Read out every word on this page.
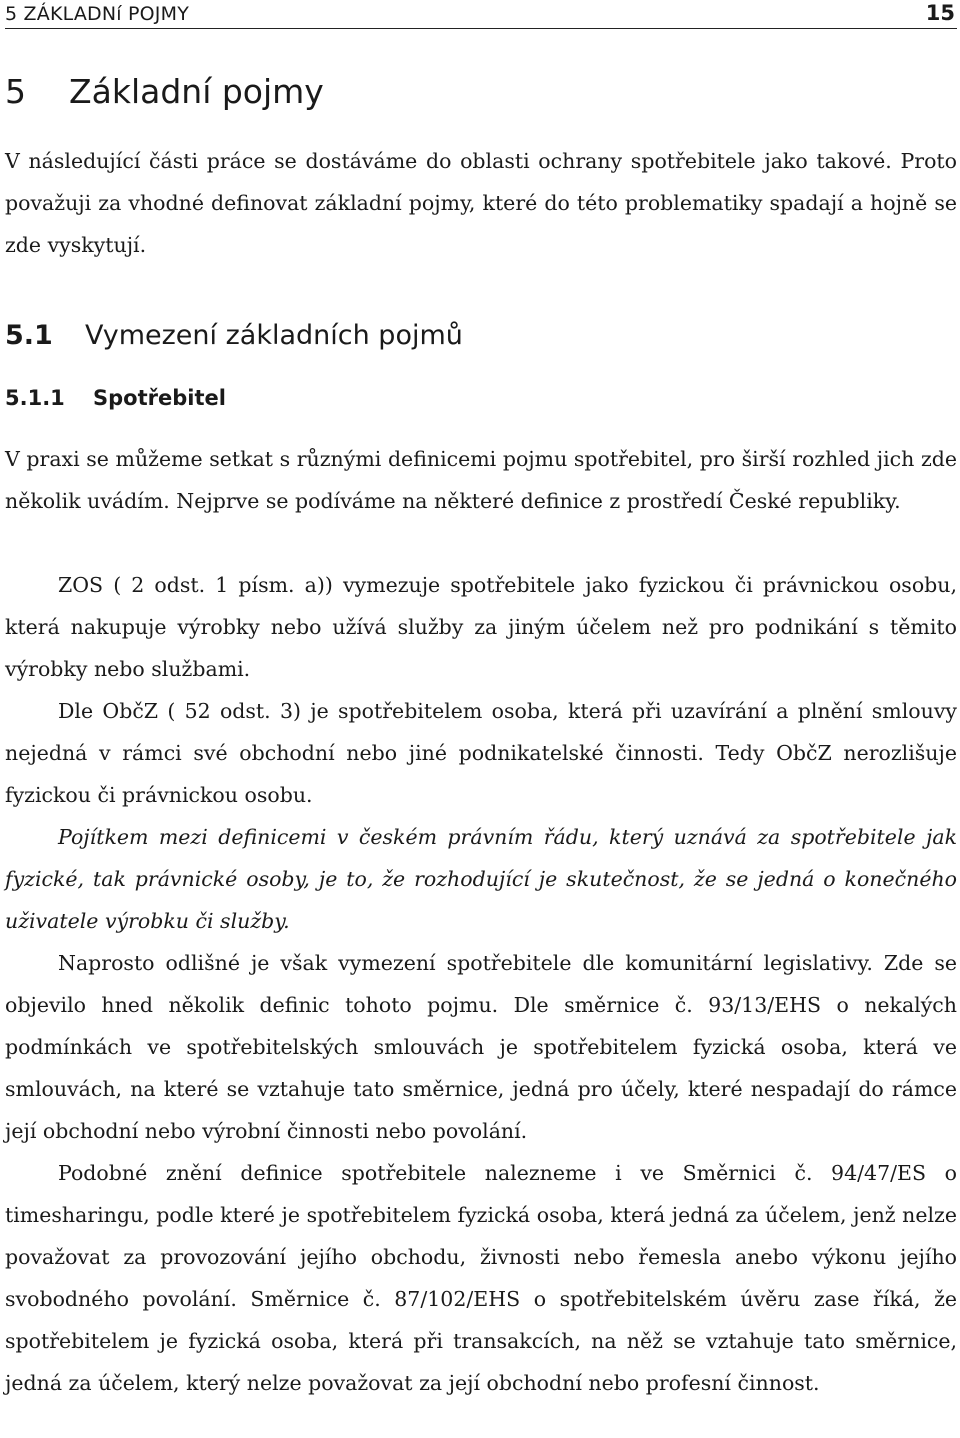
5 ZÁKLADNí POJMY	15
5 Základní pojmy

V následující části práce se dostáváme do oblasti ochrany spotřebitele jako takové. Proto považuji za vhodné definovat základní pojmy, které do této problematiky spadají a hojně se zde vyskytují.

5.1 Vymezení základních pojmů
5.1.1 Spotřebitel

V praxi se můžeme setkat s různými definicemi pojmu spotřebitel, pro širší rozhled jich zde několik uvádím. Nejprve se podíváme na některé definice z prostředí České republiky.

ZOS ( 2 odst. 1 písm. a)) vymezuje spotřebitele jako fyzickou či právnickou osobu, která nakupuje výrobky nebo užívá služby za jiným účelem než pro podnikání s těmito výrobky nebo službami.

Dle ObčZ ( 52 odst. 3) je spotřebitelem osoba, která při uzavírání a plnění smlouvy nejedná v rámci své obchodní nebo jiné podnikatelské činnosti. Tedy ObčZ nerozlišuje fyzickou či právnickou osobu.

Pojítkem mezi definicemi v českém právním řádu, který uznává za spotřebitele jak fyzické, tak právnické osoby, je to, že rozhodující je skutečnost, že se jedná o konečného uživatele výrobku či služby.

Naprosto odlišné je však vymezení spotřebitele dle komunitární legislativy. Zde se objevilo hned několik definic tohoto pojmu. Dle směrnice č. 93/13/EHS o nekalých podmínkách ve spotřebitelských smlouvách je spotřebitelem fyzická osoba, která ve smlouvách, na které se vztahuje tato směrnice, jedná pro účely, které nespadají do rámce její obchodní nebo výrobní činnosti nebo povolání.

Podobné znění definice spotřebitele nalezneme i ve Směrnici č. 94/47/ES o timesharingu, podle které je spotřebitelem fyzická osoba, která jedná za účelem, jenž nelze považovat za provozování jejího obchodu, živnosti nebo řemesla anebo výkonu jejího svobodného povolání. Směrnice č. 87/102/EHS o spotřebitelském úvěru zase říká, že spotřebitelem je fyzická osoba, která při transakcích, na něž se vztahuje tato směrnice, jedná za účelem, který nelze považovat za její obchodní nebo profesní činnost.
